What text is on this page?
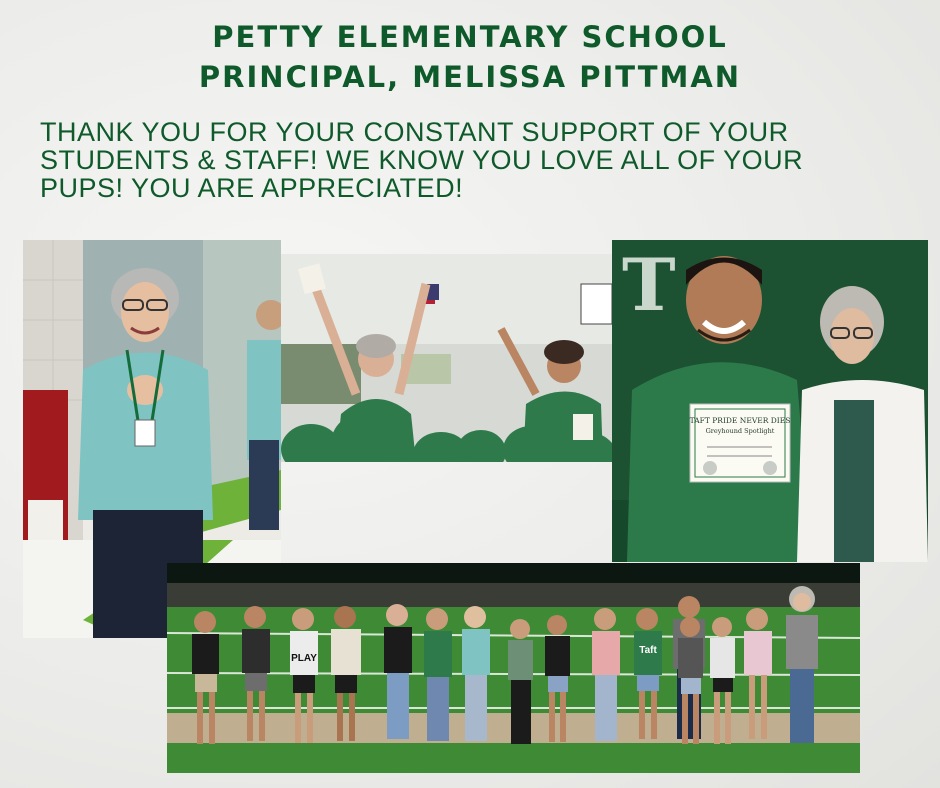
PETTY ELEMENTARY SCHOOL
PRINCIPAL, MELISSA PITTMAN
THANK YOU FOR YOUR CONSTANT SUPPORT OF YOUR
STUDENTS & STAFF! WE KNOW YOU LOVE ALL OF YOUR
PUPS! YOU ARE APPRECIATED!
T
TAFT PRIDE NEVER DIES
Greyhound Spotlight
PLAY
Taft
